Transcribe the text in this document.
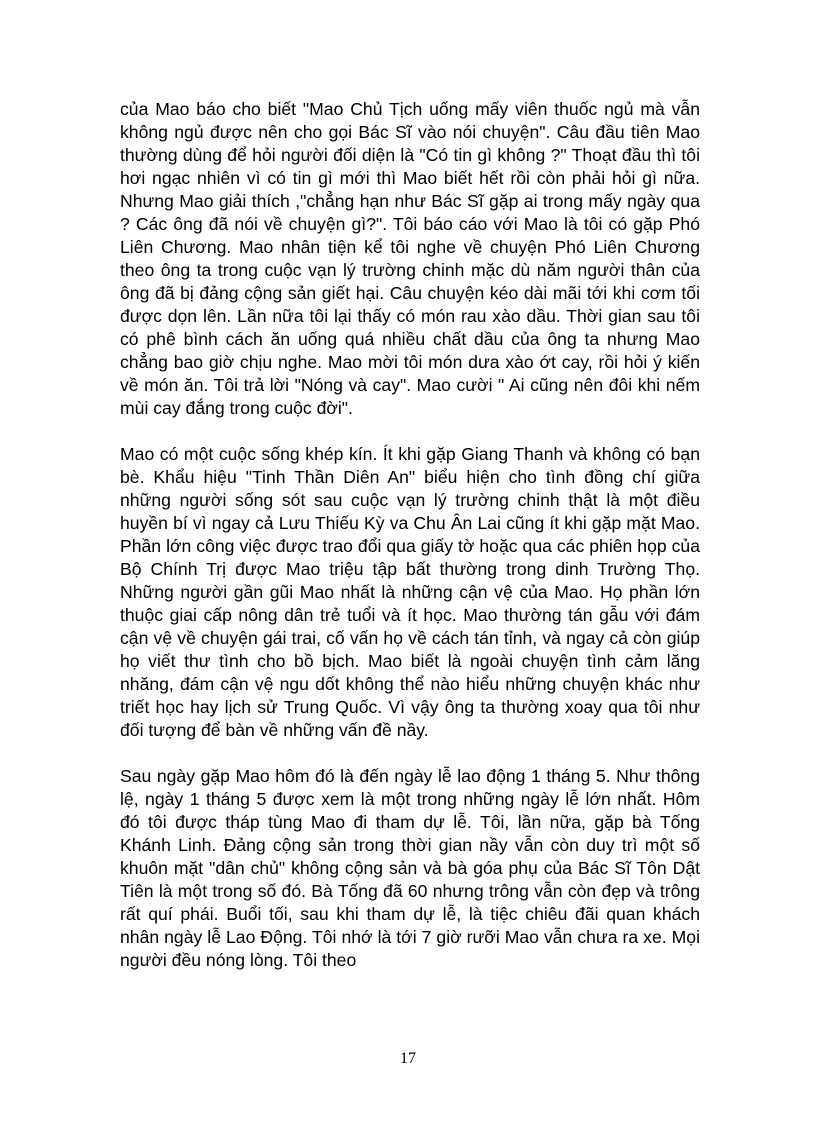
của Mao báo cho biết "Mao Chủ Tịch uống mấy viên thuốc ngủ mà vẫn không ngủ được nên cho gọi Bác Sĩ vào nói chuyện". Câu đầu tiên Mao thường dùng để hỏi người đối diện là "Có tin gì không ?" Thoạt đầu thì tôi hơi ngạc nhiên vì có tin gì mới thì Mao biết hết rồi còn phải hỏi gì nữa. Nhưng Mao giải thích ,"chẳng hạn như Bác Sĩ gặp ai trong mấy ngày qua ? Các ông đã nói về chuyện gì?". Tôi báo cáo với Mao là tôi có gặp Phó Liên Chương. Mao nhân tiện kể tôi nghe về chuyện Phó Liên Chương theo ông ta trong cuộc vạn lý trường chinh mặc dù năm người thân của ông đã bị đảng cộng sản giết hại. Câu chuyện kéo dài mãi tới khi cơm tối được dọn lên. Lần nữa tôi lại thấy có món rau xào dầu. Thời gian sau tôi có phê bình cách ăn uống quá nhiều chất dầu của ông ta nhưng Mao chẳng bao giờ chịu nghe. Mao mời tôi món dưa xào ớt cay, rồi hỏi ý kiến về món ăn. Tôi trả lời "Nóng và cay". Mao cười " Ai cũng nên đôi khi nếm mùi cay đắng trong cuộc đời".

Mao có một cuộc sống khép kín. Ít khi gặp Giang Thanh và không có bạn bè. Khẩu hiệu "Tinh Thần Diên An" biểu hiện cho tình đồng chí giữa những người sống sót sau cuộc vạn lý trường chinh thật là một điều huyền bí vì ngay cả Lưu Thiếu Kỳ va Chu Ân Lai cũng ít khi gặp mặt Mao. Phần lớn công việc được trao đổi qua giấy tờ hoặc qua các phiên họp của Bộ Chính Trị được Mao triệu tập bất thường trong dinh Trường Thọ. Những người gần gũi Mao nhất là những cận vệ của Mao. Họ phần lớn thuộc giai cấp nông dân trẻ tuổi và ít học. Mao thường tán gẫu với đám cận vệ về chuyện gái trai, cố vấn họ về cách tán tỉnh, và ngay cả còn giúp họ viết thư tình cho bồ bịch. Mao biết là ngoài chuyện tình cảm lăng nhăng, đám cận vệ ngu dốt không thể nào hiểu những chuyện khác như triết học hay lịch sử Trung Quốc. Vì vậy ông ta thường xoay qua tôi như đối tượng để bàn về những vấn đề nầy.

Sau ngày gặp Mao hôm đó là đến ngày lễ lao động 1 tháng 5. Như thông lệ, ngày 1 tháng 5 được xem là một trong những ngày lễ lớn nhất. Hôm đó tôi được tháp tùng Mao đi tham dự lễ. Tôi, lần nữa, gặp bà Tống Khánh Linh. Đảng cộng sản trong thời gian nầy vẫn còn duy trì một số khuôn mặt "dân chủ" không cộng sản và bà góa phụ của Bác Sĩ Tôn Dật Tiên là một trong số đó. Bà Tống đã 60 nhưng trông vẫn còn đẹp và trông rất quí phái. Buổi tối, sau khi tham dự lễ, là tiệc chiêu đãi quan khách nhân ngày lễ Lao Động. Tôi nhớ là tới 7 giờ rưỡi Mao vẫn chưa ra xe. Mọi người đều nóng lòng. Tôi theo

17
